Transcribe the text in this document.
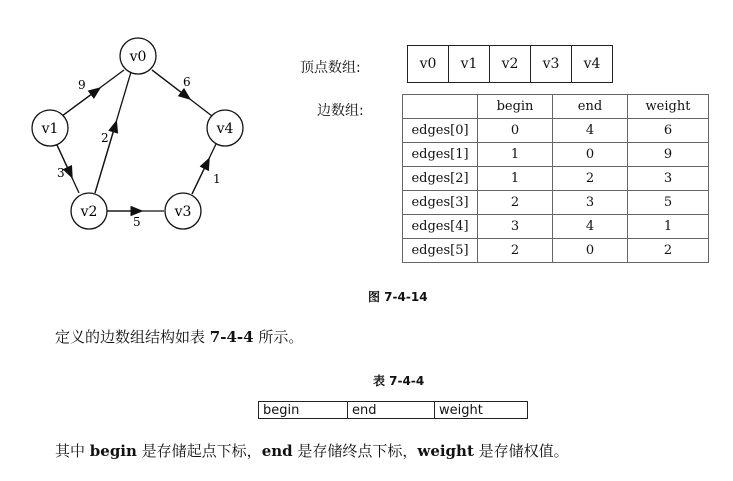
9	6
2
3
5
1
v0
v1
v2	v3
v4
顶点数组:	v0	v1	v2	v3	v4
边数组:
		begin	end	weight
edges[0]	0	4	6
edges[1]	1	0	9
edges[2]	1	2	3
edges[3]	2	3	5
edges[4]	3	4	1
edges[5]	2	0	2
图 7-4-14
定义的边数组结构如表 7-4-4 所示。
表 7-4-4
begin	end	weight
其中 begin 是存储起点下标，end 是存储终点下标，weight 是存储权值。
